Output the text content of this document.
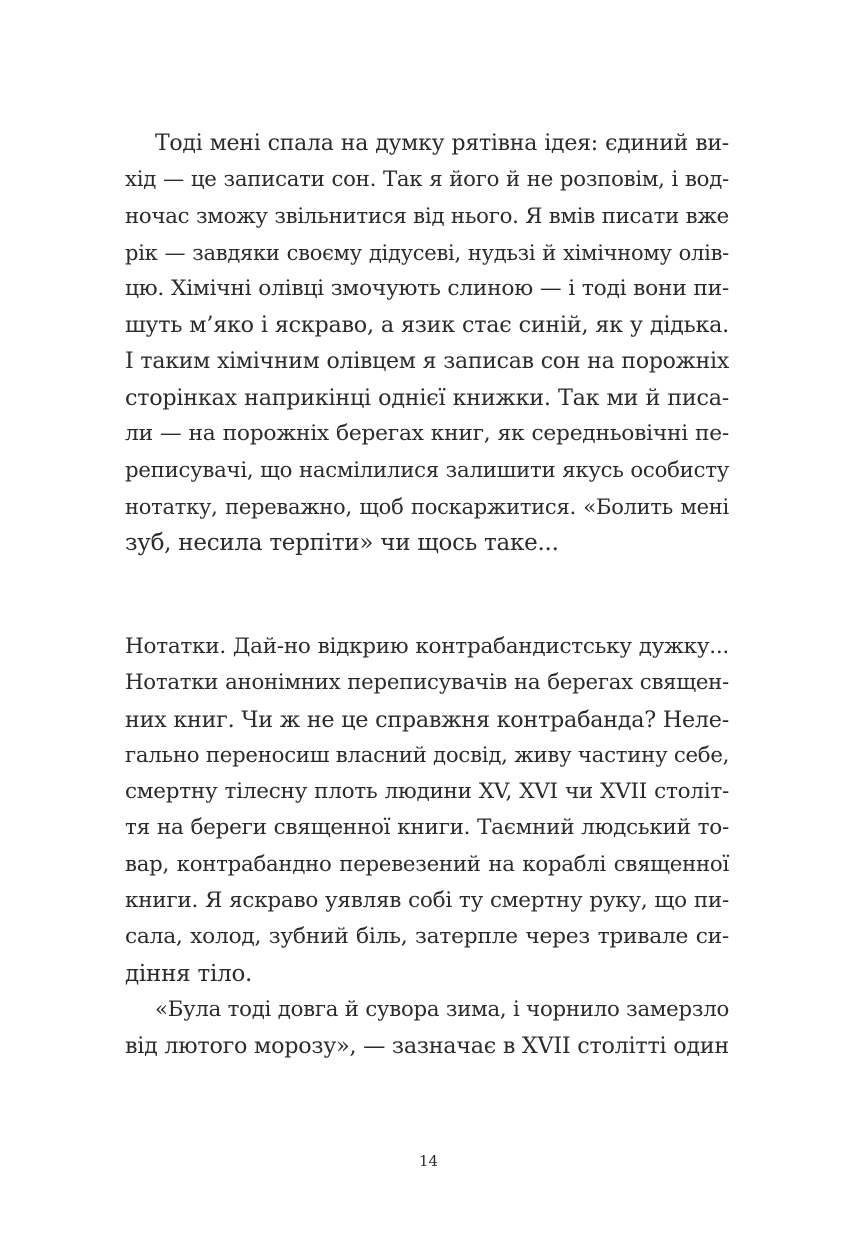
Тоді мені спала на думку рятівна ідея: єдиний ви-
хід — це записати сон. Так я його й не розповім, і вод-
ночас зможу звільнитися від нього. Я вмів писати вже
рік — завдяки своєму дідусеві, нудьзі й хімічному олів-
цю. Хімічні олівці змочують слиною — і тоді вони пи-
шуть м’яко і яскраво, а язик стає синій, як у дідька.
І таким хімічним олівцем я записав сон на порожніх
сторінках наприкінці однієї книжки. Так ми й писа-
ли — на порожніх берегах книг, як середньовічні пе-
реписувачі, що насмілилися залишити якусь особисту
нотатку, переважно, щоб поскаржитися. «Болить мені
зуб, несила терпіти» чи щось таке...
Нотатки. Дай-но відкрию контрабандистську дужку...
Нотатки анонімних переписувачів на берегах священ-
них книг. Чи ж не це справжня контрабанда? Неле-
гально переносиш власний досвід, живу частину себе,
смертну тілесну плоть людини XV, XVI чи XVII століт-
тя на береги священної книги. Таємний людський то-
вар, контрабандно перевезений на кораблі священної
книги. Я яскраво уявляв собі ту смертну руку, що пи-
сала, холод, зубний біль, затерпле через тривале си-
діння тіло.
«Була тоді довга й сувора зима, і чорнило замерзло
від лютого морозу», — зазначає в XVII столітті один
14
